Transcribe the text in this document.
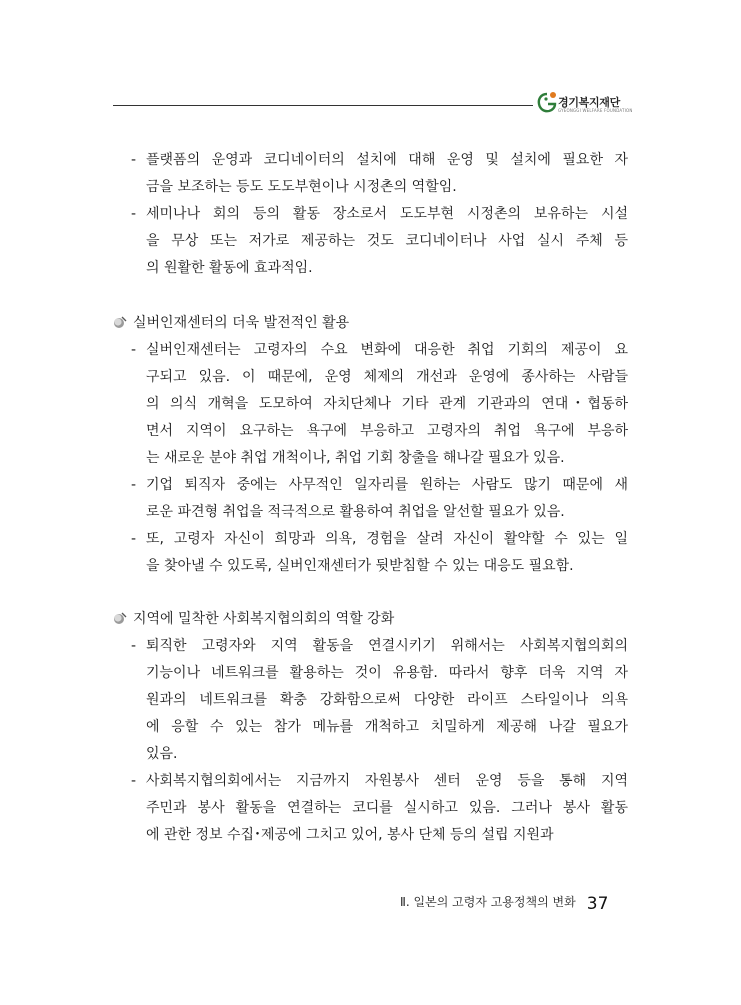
경기복지재단
GYEONGGI WELFARE FOUNDATION
- 플랫폼의 운영과 코디네이터의 설치에 대해 운영 및 설치에 필요한 자
금을 보조하는 등도 도도부현이나 시정촌의 역할임.
- 세미나나 회의 등의 활동 장소로서 도도부현 시정촌의 보유하는 시설
을 무상 또는 저가로 제공하는 것도 코디네이터나 사업 실시 주체 등
의 원활한 활동에 효과적임.
실버인재센터의 더욱 발전적인 활용
- 실버인재센터는 고령자의 수요 변화에 대응한 취업 기회의 제공이 요
구되고 있음. 이 때문에, 운영 체제의 개선과 운영에 종사하는 사람들
의 의식 개혁을 도모하여 자치단체나 기타 관계 기관과의 연대･협동하
면서 지역이 요구하는 욕구에 부응하고 고령자의 취업 욕구에 부응하
는 새로운 분야 취업 개척이나, 취업 기회 창출을 해나갈 필요가 있음.
- 기업 퇴직자 중에는 사무적인 일자리를 원하는 사람도 많기 때문에 새
로운 파견형 취업을 적극적으로 활용하여 취업을 알선할 필요가 있음.
- 또, 고령자 자신이 희망과 의욕, 경험을 살려 자신이 활약할 수 있는 일
을 찾아낼 수 있도록, 실버인재센터가 뒷받침할 수 있는 대응도 필요함.
지역에 밀착한 사회복지협의회의 역할 강화
- 퇴직한 고령자와 지역 활동을 연결시키기 위해서는 사회복지협의회의
기능이나 네트워크를 활용하는 것이 유용함. 따라서 향후 더욱 지역 자
원과의 네트워크를 확충 강화함으로써 다양한 라이프 스타일이나 의욕
에 응할 수 있는 참가 메뉴를 개척하고 치밀하게 제공해 나갈 필요가
있음.
- 사회복지협의회에서는 지금까지 자원봉사 센터 운영 등을 통해 지역
주민과 봉사 활동을 연결하는 코디를 실시하고 있음. 그러나 봉사 활동
에 관한 정보 수집･제공에 그치고 있어, 봉사 단체 등의 설립 지원과
Ⅱ. 일본의 고령자 고용정책의 변화 37
